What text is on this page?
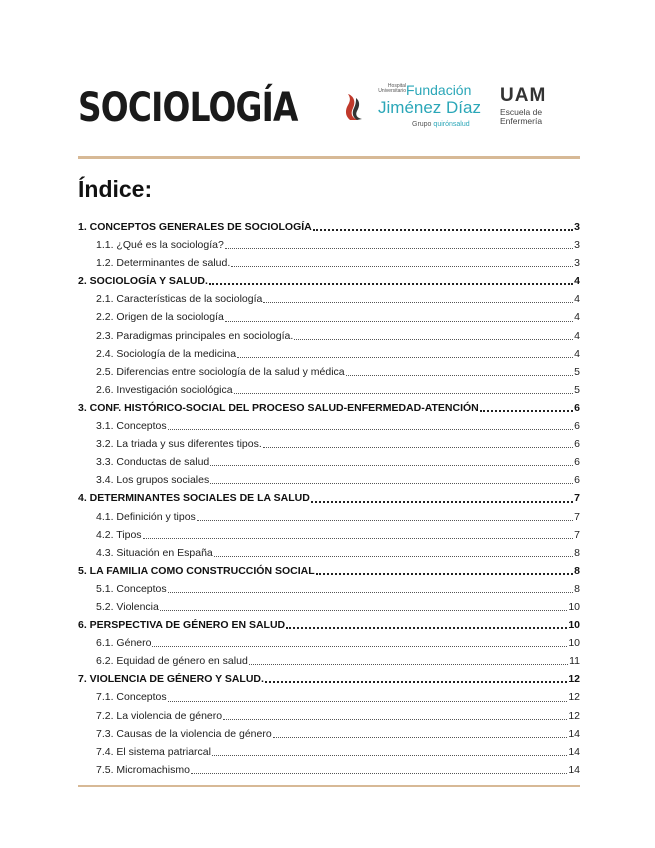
SOCIOLOGÍA	Hospital Universitario Fundación
Jiménez Díaz
Grupo quirónsalud
UAM
Escuela de
Enfermería
Índice:
1. CONCEPTOS GENERALES DE SOCIOLOGÍA	3
1.1. ¿Qué es la sociología?	3
1.2. Determinantes de salud.	3
2. SOCIOLOGÍA Y SALUD.	4
2.1. Características de la sociología	4
2.2. Origen de la sociología	4
2.3. Paradigmas principales en sociología.	4
2.4. Sociología de la medicina	4
2.5. Diferencias entre sociología de la salud y médica	5
2.6. Investigación sociológica	5
3. CONF. HISTÓRICO-SOCIAL DEL PROCESO SALUD-ENFERMEDAD-ATENCIÓN	6
3.1. Conceptos	6
3.2. La triada y sus diferentes tipos.	6
3.3. Conductas de salud	6
3.4. Los grupos sociales	6
4. DETERMINANTES SOCIALES DE LA SALUD	7
4.1. Definición y tipos	7
4.2. Tipos	7
4.3. Situación en España	8
5. LA FAMILIA COMO CONSTRUCCIÓN SOCIAL	8
5.1. Conceptos	8
5.2. Violencia	10
6. PERSPECTIVA DE GÉNERO EN SALUD	10
6.1. Género	10
6.2. Equidad de género en salud	11
7. VIOLENCIA DE GÉNERO Y SALUD.	12
7.1. Conceptos	12
7.2. La violencia de género	12
7.3. Causas de la violencia de género	14
7.4. El sistema patriarcal	14
7.5. Micromachismo	14
